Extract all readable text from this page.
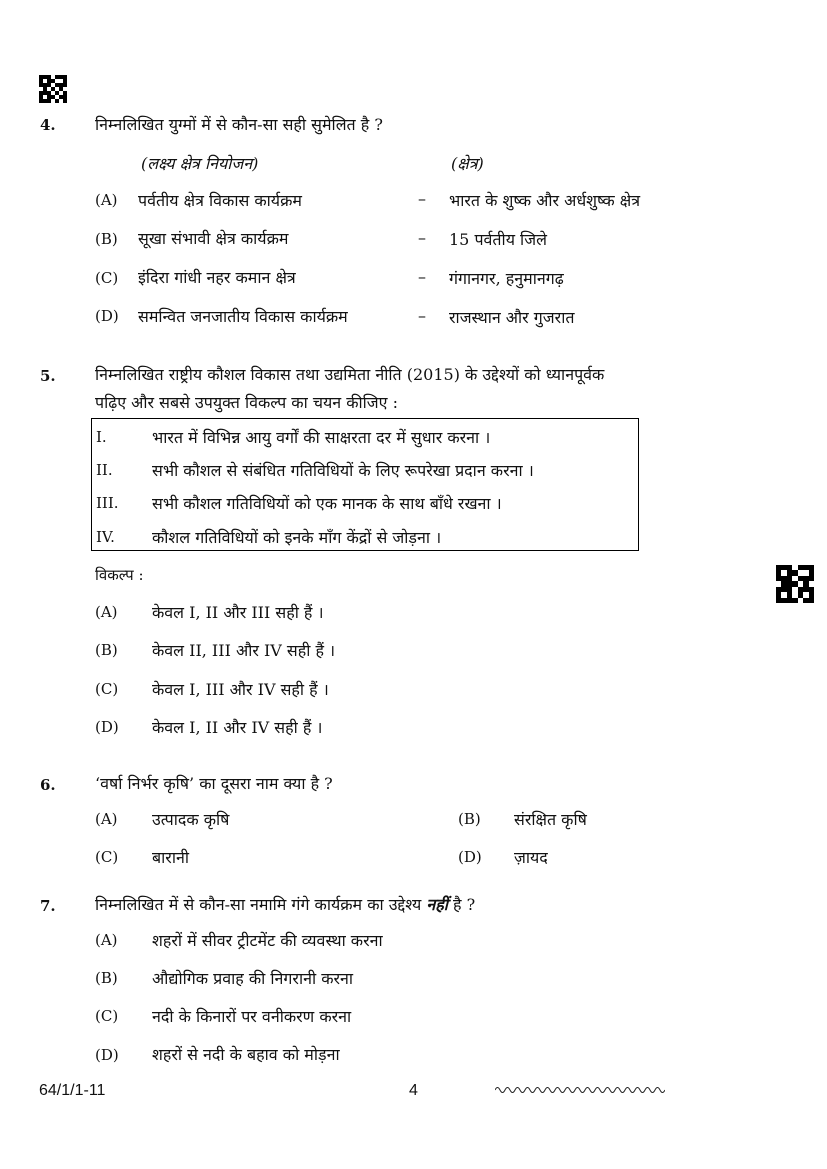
4. निम्नलिखित युग्मों में से कौन-सा सही सुमेलित है ?
(लक्ष्य क्षेत्र नियोजन)	(क्षेत्र)
(A) पर्वतीय क्षेत्र विकास कार्यक्रम	– भारत के शुष्क और अर्धशुष्क क्षेत्र
(B) सूखा संभावी क्षेत्र कार्यक्रम	– 15 पर्वतीय जिले
(C) इंदिरा गांधी नहर कमान क्षेत्र	– गंगानगर, हनुमानगढ़
(D) समन्वित जनजातीय विकास कार्यक्रम	– राजस्थान और गुजरात
5. निम्नलिखित राष्ट्रीय कौशल विकास तथा उद्यमिता नीति (2015) के उद्देश्यों को ध्यानपूर्वक
पढ़िए और सबसे उपयुक्त विकल्प का चयन कीजिए :
I.	भारत में विभिन्न आयु वर्गों की साक्षरता दर में सुधार करना ।
II. सभी कौशल से संबंधित गतिविधियों के लिए रूपरेखा प्रदान करना ।
III. सभी कौशल गतिविधियों को एक मानक के साथ बाँधे रखना ।
IV. कौशल गतिविधियों को इनके माँग केंद्रों से जोड़ना ।
विकल्प :
(A) केवल I, II और III सही हैं ।
(B) केवल II, III और IV सही हैं ।
(C) केवल I, III और IV सही हैं ।
(D) केवल I, II और IV सही हैं ।
6. ‘वर्षा निर्भर कृषि’ का दूसरा नाम क्या है ?
(A) उत्पादक कृषि	(B) संरक्षित कृषि
(C) बारानी	(D) ज़ायद
7. निम्नलिखित में से कौन-सा नमामि गंगे कार्यक्रम का उद्देश्य नहीं है ?
(A) शहरों में सीवर ट्रीटमेंट की व्यवस्था करना
(B) औद्योगिक प्रवाह की निगरानी करना
(C) नदी के किनारों पर वनीकरण करना
(D) शहरों से नदी के बहाव को मोड़ना
64/1/1-11	4
